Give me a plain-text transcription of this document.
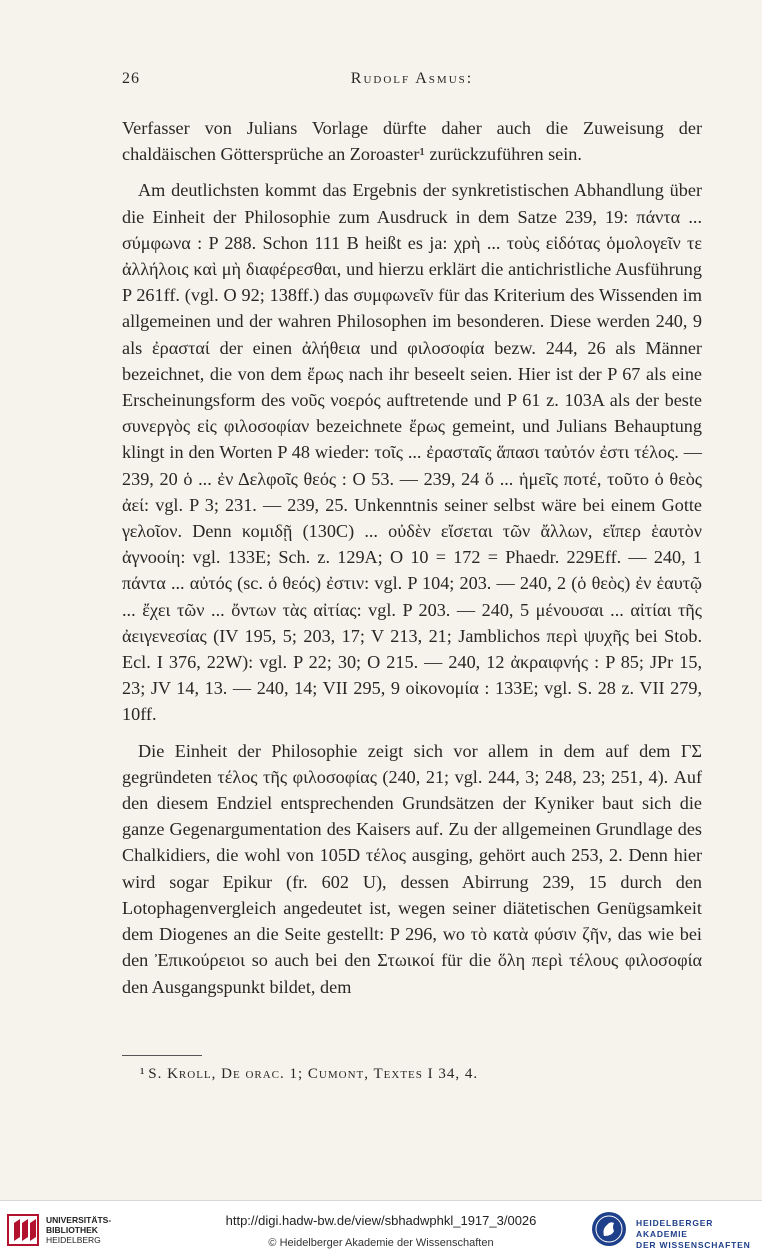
26	Rudolf Asmus:

Verfasser von Julians Vorlage dürfte daher auch die Zuweisung der chaldäischen Göttersprüche an Zoroaster¹ zurückzuführen sein.

Am deutlichsten kommt das Ergebnis der synkretistischen Abhandlung über die Einheit der Philosophie zum Ausdruck in dem Satze 239, 19: πάντα ... σύμφωνα : P 288. Schon 111 B heißt es ja: χρὴ ... τοὺς εἰδότας ὁμολογεῖν τε ἀλλήλοις καὶ μὴ διαφέρεσθαι, und hierzu erklärt die antichristliche Ausführung P 261ff. (vgl. O 92; 138ff.) das συμφωνεῖν für das Kriterium des Wissenden im allgemeinen und der wahren Philosophen im besonderen. Diese werden 240, 9 als ἐρασταί der einen ἀλήθεια und φιλοσοφία bezw. 244, 26 als Männer bezeichnet, die von dem ἔρως nach ihr beseelt seien. Hier ist der P 67 als eine Erscheinungsform des νοῦς νοερός auftretende und P 61 z. 103A als der beste συνεργὸς εἰς φιλοσοφίαν bezeichnete ἔρως gemeint, und Julians Behauptung klingt in den Worten P 48 wieder: τοῖς ... ἐρασταῖς ἅπασι ταὐτόν ἐστι τέλος. — 239, 20 ὁ ... ἐν Δελφοῖς θεός : O 53. — 239, 24 ὅ ... ἡμεῖς ποτέ, τοῦτο ὁ θεὸς ἀεί: vgl. P 3; 231. — 239, 25. Unkenntnis seiner selbst wäre bei einem Gotte γελοῖον. Denn κομιδῇ (130C) ... οὐδὲν εἴσεται τῶν ἄλλων, εἴπερ ἑαυτὸν ἀγνοοίη: vgl. 133E; Sch. z. 129A; O 10 = 172 = Phaedr. 229Eff. — 240, 1 πάντα ... αὐτός (sc. ὁ θεός) ἐστιν: vgl. P 104; 203. — 240, 2 (ὁ θεὸς) ἐν ἑαυτῷ ... ἔχει τῶν ... ὄντων τὰς αἰτίας: vgl. P 203. — 240, 5 μένουσαι ... αἰτίαι τῆς ἀειγενεσίας (IV 195, 5; 203, 17; V 213, 21; Jamblichos περὶ ψυχῆς bei Stob. Ecl. I 376, 22W): vgl. P 22; 30; O 215. — 240, 12 ἀκραιφνής : P 85; JPr 15, 23; JV 14, 13. — 240, 14; VII 295, 9 οἰκονομία : 133E; vgl. S. 28 z. VII 279, 10ff.

Die Einheit der Philosophie zeigt sich vor allem in dem auf dem ΓΣ gegründeten τέλος τῆς φιλοσοφίας (240, 21; vgl. 244, 3; 248, 23; 251, 4). Auf den diesem Endziel entsprechenden Grundsätzen der Kyniker baut sich die ganze Gegenargumentation des Kaisers auf. Zu der allgemeinen Grundlage des Chalkidiers, die wohl von 105D τέλος ausging, gehört auch 253, 2. Denn hier wird sogar Epikur (fr. 602 U), dessen Abirrung 239, 15 durch den Lotophagenvergleich angedeutet ist, wegen seiner diätetischen Genügsamkeit dem Diogenes an die Seite gestellt: P 296, wo τὸ κατὰ φύσιν ζῆν, das wie bei den Ἐπικούρειοι so auch bei den Στωικοί für die ὅλη περὶ τέλους φιλοσοφία den Ausgangspunkt bildet, dem

¹ S. Kroll, De orac. 1; Cumont, Textes I 34, 4.
UNIVERSITÄTS-
BIBLIOTHEK
HEIDELBERG
http://digi.hadw-bw.de/view/sbhadwphkl_1917_3/0026
© Heidelberger Akademie der Wissenschaften
HEIDELBERGER AKADEMIE
DER WISSENSCHAFTEN
